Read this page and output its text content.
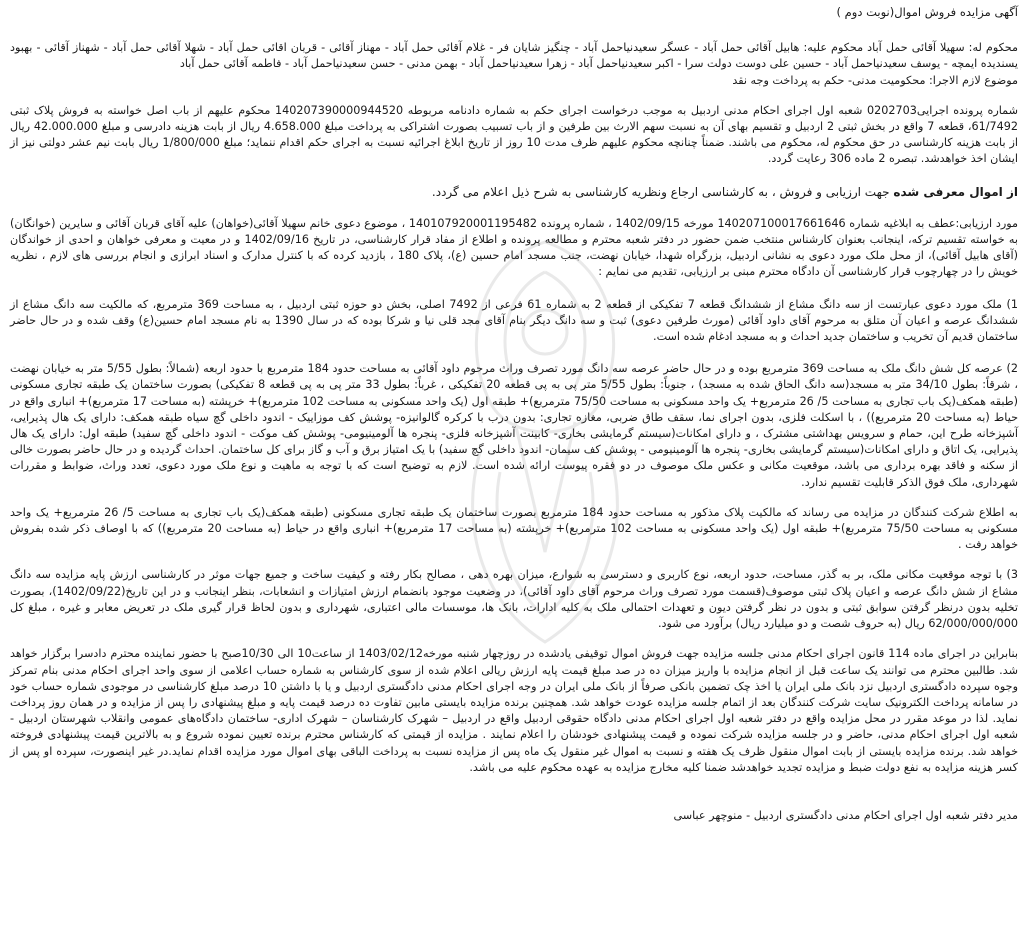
آگهی مزایده فروش اموال(نوبت دوم )

محکوم له: سهیلا آقائی حمل آباد محکوم علیه: هابیل آقائی حمل آباد - عسگر سعیدنیاحمل آباد - چنگیز شایان فر - غلام آقائی حمل آباد - مهناز آقائی - قربان اقائی حمل آباد - شهلا آقائی حمل آباد - شهناز آقائی - بهبود یسندیده ایمچه - یوسف سعیدنیاحمل آباد - حسین علی دوست دولت سرا - اکبر سعیدنیاحمل آباد - زهرا سعیدنیاحمل آباد - بهمن مدنی - حسن سعیدنیاحمل آباد - فاطمه آقائی حمل آباد

موضوع لازم الاجرا: محکومیت مدنی- حکم به پرداخت وجه نقد

شماره پرونده اجرایی0202703 شعبه اول اجرای احکام مدنی اردبیل به موجب درخواست اجرای حکم به شماره دادنامه مربوطه 140207390000944520 محکوم علیهم از باب اصل خواسته به فروش پلاک ثبتی 61/7492، قطعه 7 واقع در بخش ثبتی 2 اردبیل و تقسیم بهای آن به نسبت سهم الارث بین طرفین و از باب تسبیب بصورت اشتراکی به پرداخت مبلغ 4.658.000 ریال از بابت هزینه دادرسی و مبلغ 42.000.000 ریال از بابت هزینه کارشناسی در حق محکوم له، محکوم می باشند. ضمناً چنانچه محکوم علیهم ظرف مدت 10 روز از تاریخ ابلاغ اجرائیه نسبت به اجرای حکم اقدام ننماید؛ مبلغ 1/800/000 ریال بابت نیم عشر دولتی نیز از ایشان اخذ خواهدشد. تبصره 2 ماده 306 رعایت گردد.

از اموال معرفی شده جهت ارزیابی و فروش ، به کارشناسی ارجاع ونظریه کارشناسی به شرح ذیل اعلام می گردد.

مورد ارزیابی:عطف به ابلاغیه شماره 140207100017661646 مورخه 1402/09/15 ، شماره پرونده 140107920001195482 ، موضوع دعوی خانم سهیلا آقائی(خواهان) علیه آقای قربان آقائی و سایرین (خوانگان) به خواسته تقسیم ترکه، اینجانب بعنوان کارشناس منتخب ضمن حضور در دفتر شعبه محترم و مطالعه پرونده و اطلاع از مفاد قرار کارشناسی، در تاریخ 1402/09/16 و در معیت و معرفی خواهان و احدی از خواندگان (آقای هابیل آقائی)، از محل ملک مورد دعوی به نشانی اردبیل، بزرگراه شهدا، خیابان نهضت، جنب مسجد امام حسین (ع)، پلاک 180 ، بازدید کرده که با کنترل مدارک و اسناد ابرازی و انجام بررسی های لازم ، نظریه خویش را در چهارچوب قرار کارشناسی آن دادگاه محترم مبنی بر ارزیابی، تقدیم می نمایم :

1) ملک مورد دعوی عبارتست از سه دانگ مشاع از ششدانگ قطعه 7 تفکیکی از قطعه 2 به شماره 61 فرعی از 7492 اصلی، بخش دو حوزه ثبتی اردبیل ، به مساحت 369 مترمربع، که مالکیت سه دانگ مشاع از ششدانگ عرصه و اعیان آن متلق به مرحوم آقای داود آقائی (مورث طرفین دعوی) ثبت و سه دانگ دیگر بنام آقای مجد قلی نیا و شرکا بوده که در سال 1390 به نام مسجد امام حسین(ع) وقف شده و در حال حاضر ساختمان قدیم آن تخریب و ساختمان جدید احداث و به مسجد ادغام شده است.

2) عرصه کل شش دانگ ملک به مساحت 369 مترمربع بوده و در حال حاضر عرصه سه دانگ مورد تصرف وراث مرحوم داود آقائی به مساحت حدود 184 مترمربع با حدود اربعه (شمالاً: بطول 5/55 متر به خیابان نهضت ، شرقاً: بطول 34/10 متر به مسجد(سه دانگ الحاق شده به مسجد) ، جنوباً: بطول 5/55 متر پی به پی قطعه 20 تفکیکی ، غرباً: بطول 33 متر پی به پی قطعه 8 تفکیکی) بصورت ساختمان یک طبقه تجاری مسکونی (طبقه همکف(یک باب تجاری به مساحت 5/ 26 مترمربع+ یک واحد مسکونی به مساحت 75/50 مترمربع)+ طبقه اول (یک واحد مسکونی به مساحت 102 مترمربع)+ خرپشته (به مساحت 17 مترمربع)+ انباری واقع در حیاط (به مساحت 20 مترمربع)) ، با اسکلت فلزی، بدون اجرای نما، سقف طاق ضربی، مغازه تجاری: بدون درب با کرکره گالوانیزه- پوشش کف موزاییک - اندود داخلی گچ سیاه طبقه همکف: دارای یک هال پذیرایی، آشپزخانه طرح این، حمام و سرویس بهداشتی مشترک ، و دارای امکانات(سیستم گرمایشی بخاری- کابینت آشپزخانه فلزی- پنجره ها آلومینیومی- پوشش کف موکت - اندود داخلی گچ سفید) طبقه اول: دارای یک هال پذیرایی، یک اتاق و دارای امکانات(سیستم گرمایشی بخاری- پنجره ها آلومینیومی - پوشش کف سیمان- اندود داخلی گچ سفید) با یک امتیاز برق و آب و گاز برای کل ساختمان. احداث گردیده و در حال حاضر بصورت خالی از سکنه و فاقد بهره برداری می باشد، موقعیت مکانی و عکس ملک موصوف در دو فقره پیوست ارائه شده است. لازم به توضیح است که با توجه به ماهیت و نوع ملک مورد دعوی، تعدد وراث، ضوابط و مقررات شهرداری، ملک فوق الذکر قابلیت تقسیم ندارد.

به اطلاع شرکت کنندگان در مزایده می رساند که مالکیت پلاک مذکور به مساحت حدود 184 مترمربع بصورت ساختمان یک طبقه تجاری مسکونی (طبقه همکف(یک باب تجاری به مساحت 5/ 26 مترمربع+ یک واحد مسکونی به مساحت 75/50 مترمربع)+ طبقه اول (یک واحد مسکونی به مساحت 102 مترمربع)+ خرپشته (به مساحت 17 مترمربع)+ انباری واقع در حیاط (به مساحت 20 مترمربع)) که با اوصاف ذکر شده بفروش خواهد رفت .

3) با توجه موقعیت مکانی ملک، بر به گذر، مساحت، حدود اربعه، نوع کاربری و دسترسی به شوارع، میزان بهره دهی ، مصالح بکار رفته و کیفیت ساخت و جمیع جهات موثر در کارشناسی ارزش پایه مزایده سه دانگ مشاع از شش دانگ عرصه و اعیان پلاک ثبتی موصوف(قسمت مورد تصرف وراث مرحوم آقای داود آقائی)، در وضعیت موجود بانضمام ارزش امتیازات و انشعابات، بنظر اینجانب و در این تاریخ(1402/09/22)، بصورت تخلیه بدون درنظر گرفتن سوابق ثبتی و بدون در نظر گرفتن دیون و تعهدات احتمالی ملک به کلیه ادارات، بانک ها، موسسات مالی اعتباری، شهرداری و بدون لحاظ قرار گیری ملک در تعریض معابر و غیره ، مبلغ کل 62/000/000/000 ریال (به حروف شصت و دو میلیارد ریال) برآورد می شود.

بنابراین در اجرای ماده 114 قانون اجرای احکام مدنی جلسه مزایده جهت فروش اموال توقیفی یادشده در روزچهار شنبه مورخه1403/02/12 از ساعت10 الی 10/30صبح با حضور نماینده محترم دادسرا برگزار خواهد شد. طالبین محترم می توانند یک ساعت قبل از انجام مزایده با واریز میزان ده در صد مبلغ قیمت پایه ارزش ریالی اعلام شده از سوی کارشناس به شماره حساب اعلامی از سوی واحد اجرای احکام مدنی بنام تمرکز وجوه سپرده دادگستری اردبیل نزد بانک ملی ایران یا اخذ چک تضمین بانکی صرفاً از بانک ملی ایران در وجه اجرای احکام مدنی دادگستری اردبیل و یا با داشتن 10 درصد مبلغ کارشناسی در موجودی شماره حساب خود در سامانه پرداخت الکترونیک سایت شرکت کنندگان بعد از اتمام جلسه مزایده عودت خواهد شد. همچنین برنده مزایده بایستی مابین تفاوت ده درصد قیمت پایه و مبلغ پیشنهادی را پس از مزایده و در همان روز پرداخت نماید. لذا در موعد مقرر در محل مزایده واقع در دفتر شعبه اول اجرای احکام مدنی دادگاه حقوقی اردبیل واقع در اردبیل – شهرک کارشناسان – شهرک اداری- ساختمان دادگاه‌های عمومی وانقلاب شهرستان اردبیل - شعبه اول اجرای احکام مدنی، حاضر و در جلسه مزایده شرکت نموده و قیمت پیشنهادی خودشان را اعلام نمایند . مزایده از قیمتی که کارشناس محترم برنده تعیین نموده شروع و به بالاترین قیمت پیشنهادی فروخته خواهد شد. برنده مزایده بایستی از بابت اموال منقول ظرف یک هفته و نسبت به اموال غیر منقول یک ماه پس از مزایده نسبت به پرداخت الباقی بهای اموال مورد مزایده اقدام نماید.در غیر اینصورت، سپرده او پس از کسر هزینه مزایده به نفع دولت ضبط و مزایده تجدید خواهدشد ضمنا کلیه مخارج مزایده به عهده محکوم علیه می باشد.

مدیر دفتر شعبه اول اجرای احکام مدنی دادگستری اردبیل - منوچهر عباسی
